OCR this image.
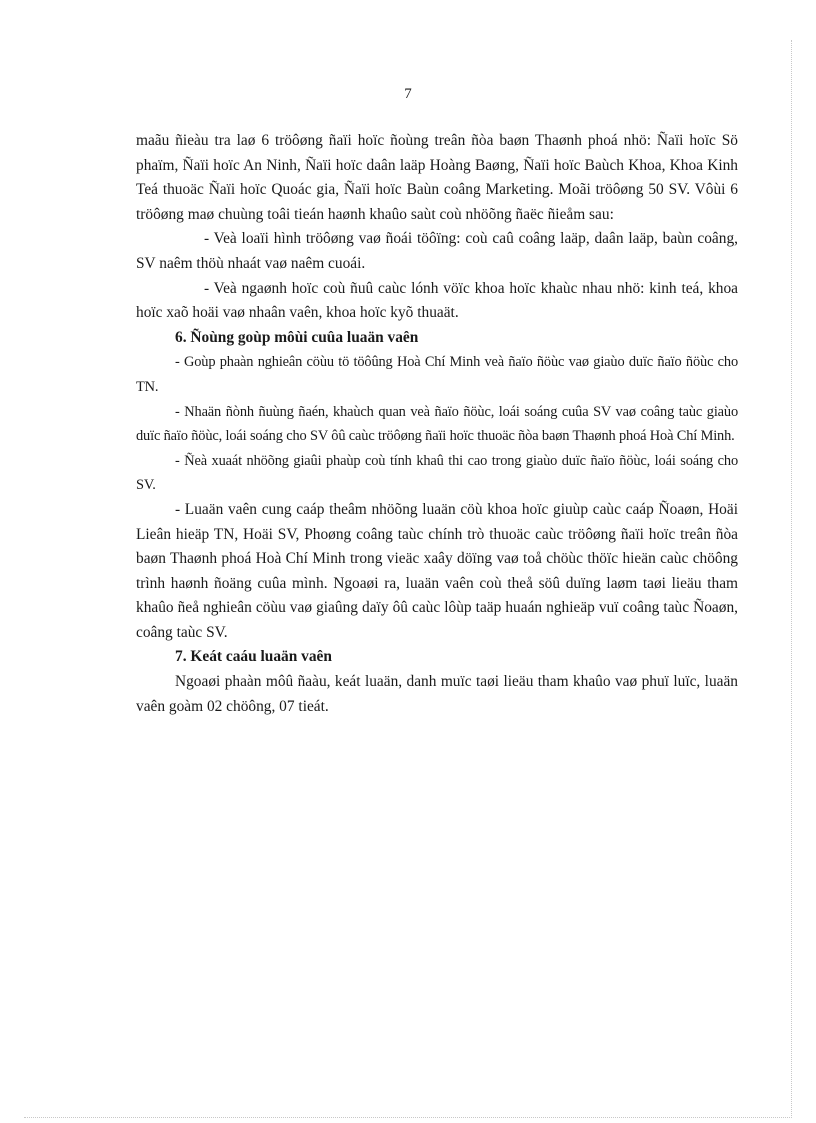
7

maãu ñieàu tra laø 6 tröôøng ñaïi hoïc ñoùng treân ñòa baøn Thaønh phoá nhö: Ñaïi hoïc Sö phaïm, Ñaïi hoïc An Ninh, Ñaïi hoïc daân laäp Hoàng Baøng, Ñaïi hoïc Baùch Khoa, Khoa Kinh Teá thuoäc Ñaïi hoïc Quoác gia, Ñaïi hoïc Baùn coâng Marketing. Moãi tröôøng 50 SV. Vôùi 6 tröôøng maø chuùng toâi tieán haønh khaûo saùt coù nhöõng ñaëc ñieåm sau:

- Veà loaïi hình tröôøng vaø ñoái töôïng: coù caû coâng laäp, daân laäp, baùn coâng, SV naêm thöù nhaát vaø naêm cuoái.

- Veà ngaønh hoïc coù ñuû caùc lónh vöïc khoa hoïc khaùc nhau nhö: kinh teá, khoa hoïc xaõ hoäi vaø nhaân vaên, khoa hoïc kyõ thuaät.

6. Ñoùng goùp môùi cuûa luaän vaên

- Goùp phaàn nghieân cöùu tö töôûng Hoà Chí Minh veà ñaïo ñöùc vaø giaùo duïc ñaïo ñöùc cho TN.

- Nhaän ñònh ñuùng ñaén, khaùch quan veà ñaïo ñöùc, loái soáng cuûa SV vaø coâng taùc giaùo duïc ñaïo ñöùc, loái soáng cho SV ôû caùc tröôøng ñaïi hoïc thuoäc ñòa baøn Thaønh phoá Hoà Chí Minh.

- Ñeà xuaát nhöõng giaûi phaùp coù tính khaû thi cao trong giaùo duïc ñaïo ñöùc, loái soáng cho SV.

- Luaän vaên cung caáp theâm nhöõng luaän cöù khoa hoïc giuùp caùc caáp Ñoaøn, Hoäi Lieân hieäp TN, Hoäi SV, Phoøng coâng taùc chính trò thuoäc caùc tröôøng ñaïi hoïc treân ñòa baøn Thaønh phoá Hoà Chí Minh trong vieäc xaây döïng vaø toå chöùc thöïc hieän caùc chöông trình haønh ñoäng cuûa mình. Ngoaøi ra, luaän vaên coù theå söû duïng laøm taøi lieäu tham khaûo ñeå nghieân cöùu vaø giaûng daïy ôû caùc lôùp taäp huaán nghieäp vuï coâng taùc Ñoaøn, coâng taùc SV.

7. Keát caáu luaän vaên

Ngoaøi phaàn môû ñaàu, keát luaän, danh muïc taøi lieäu tham khaûo vaø phuï luïc, luaän vaên goàm 02 chöông, 07 tieát.
